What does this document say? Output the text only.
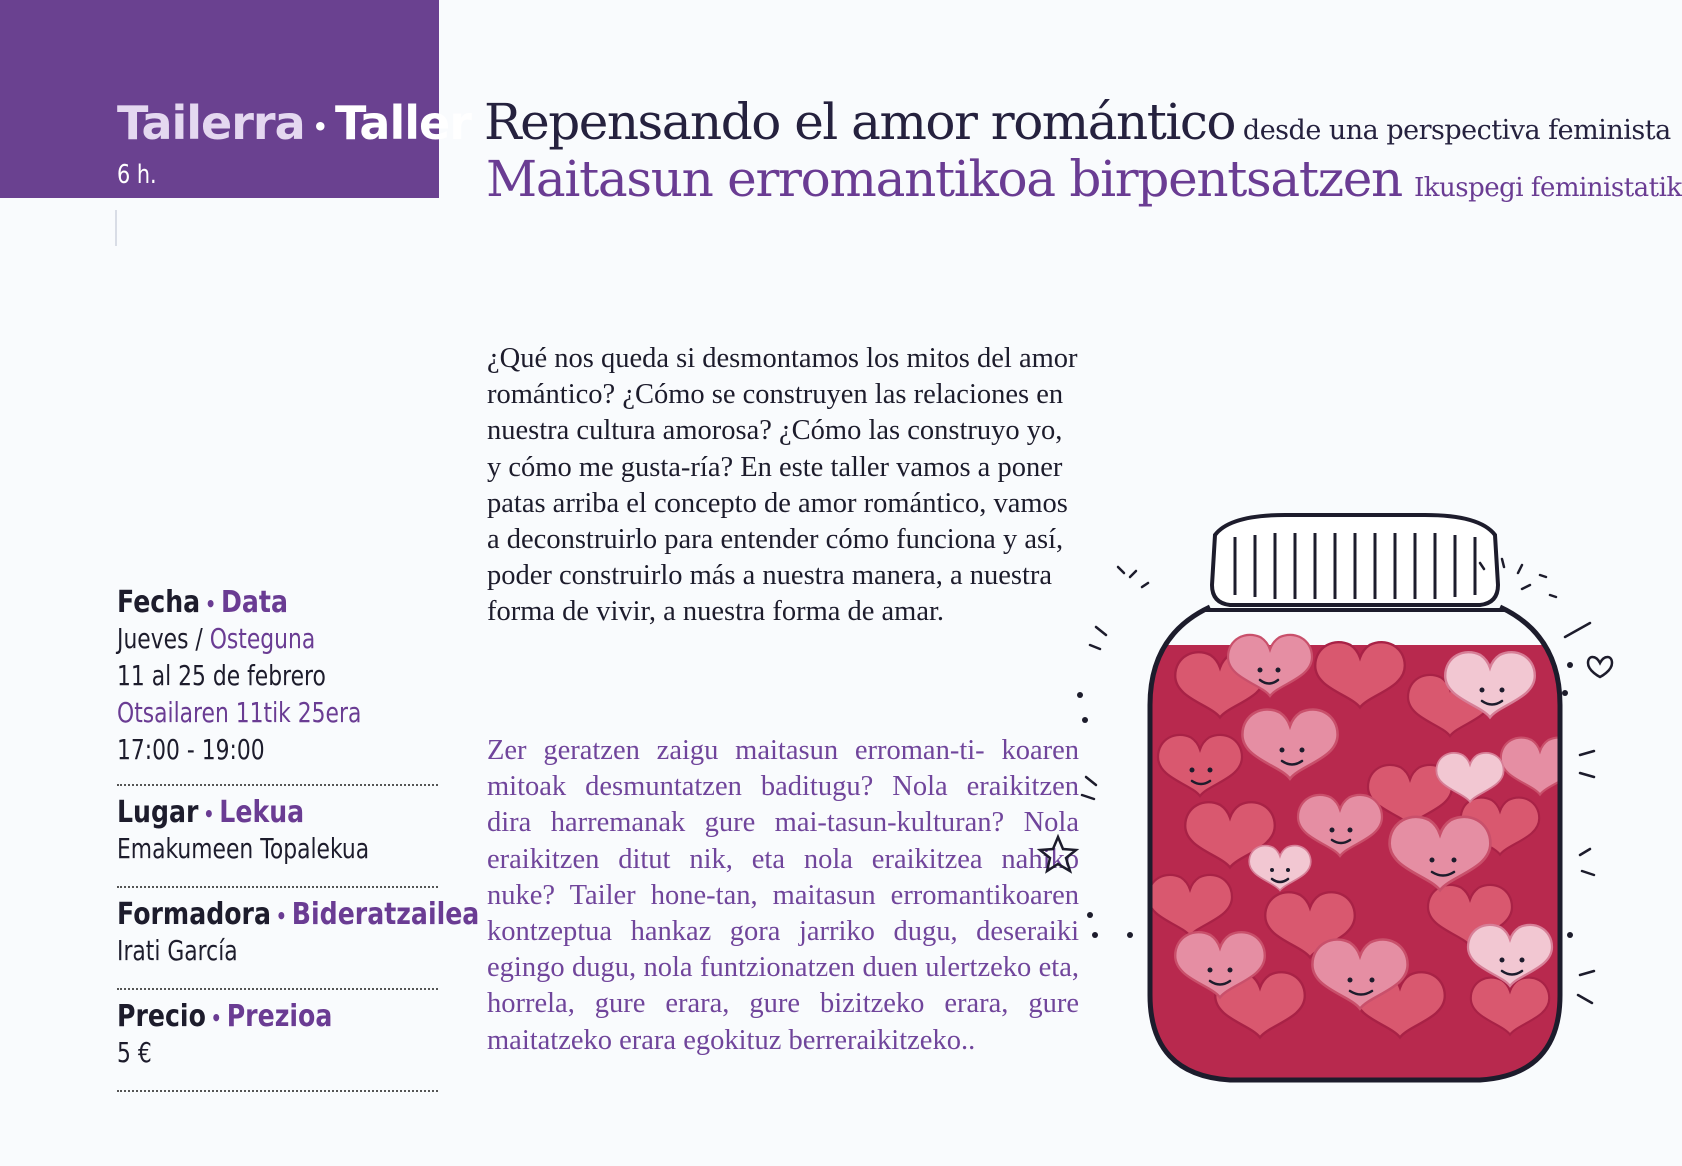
Tailerra • Taller
6 h.
Repensando el amor romántico desde una perspectiva feminista
Maitasun erromantikoa birpentsatzen Ikuspegi feministatik

¿Qué nos queda si desmontamos los mitos del amor romántico? ¿Cómo se construyen las relaciones en nuestra cultura amorosa? ¿Cómo las construyo yo, y cómo me gusta-ría? En este taller vamos a poner patas arriba el concepto de amor romántico, vamos a deconstruirlo para entender cómo funciona y así, poder construirlo más a nuestra manera, a nuestra forma de vivir, a nuestra forma de amar.

Zer geratzen zaigu maitasun erroman-ti- koaren mitoak desmuntatzen baditugu? Nola eraikitzen dira harremanak gure mai-tasun-kulturan? Nola eraikitzen ditut nik, eta nola eraikitzea nahiko nuke? Tailer hone-tan, maitasun erromantikoaren kontzeptua hankaz gora jarriko dugu, deseraiki egingo dugu, nola funtzionatzen duen ulertzeko eta, horrela, gure erara, gure bizitzeko erara, gure maitatzeko erara egokituz berreraikitzeko..

Fecha • Data
Jueves / Osteguna
11 al 25 de febrero
Otsailaren 11tik 25era
17:00 - 19:00
Lugar • Lekua
Emakumeen Topalekua
Formadora • Bideratzailea
Irati García
Precio • Prezioa
5 €
